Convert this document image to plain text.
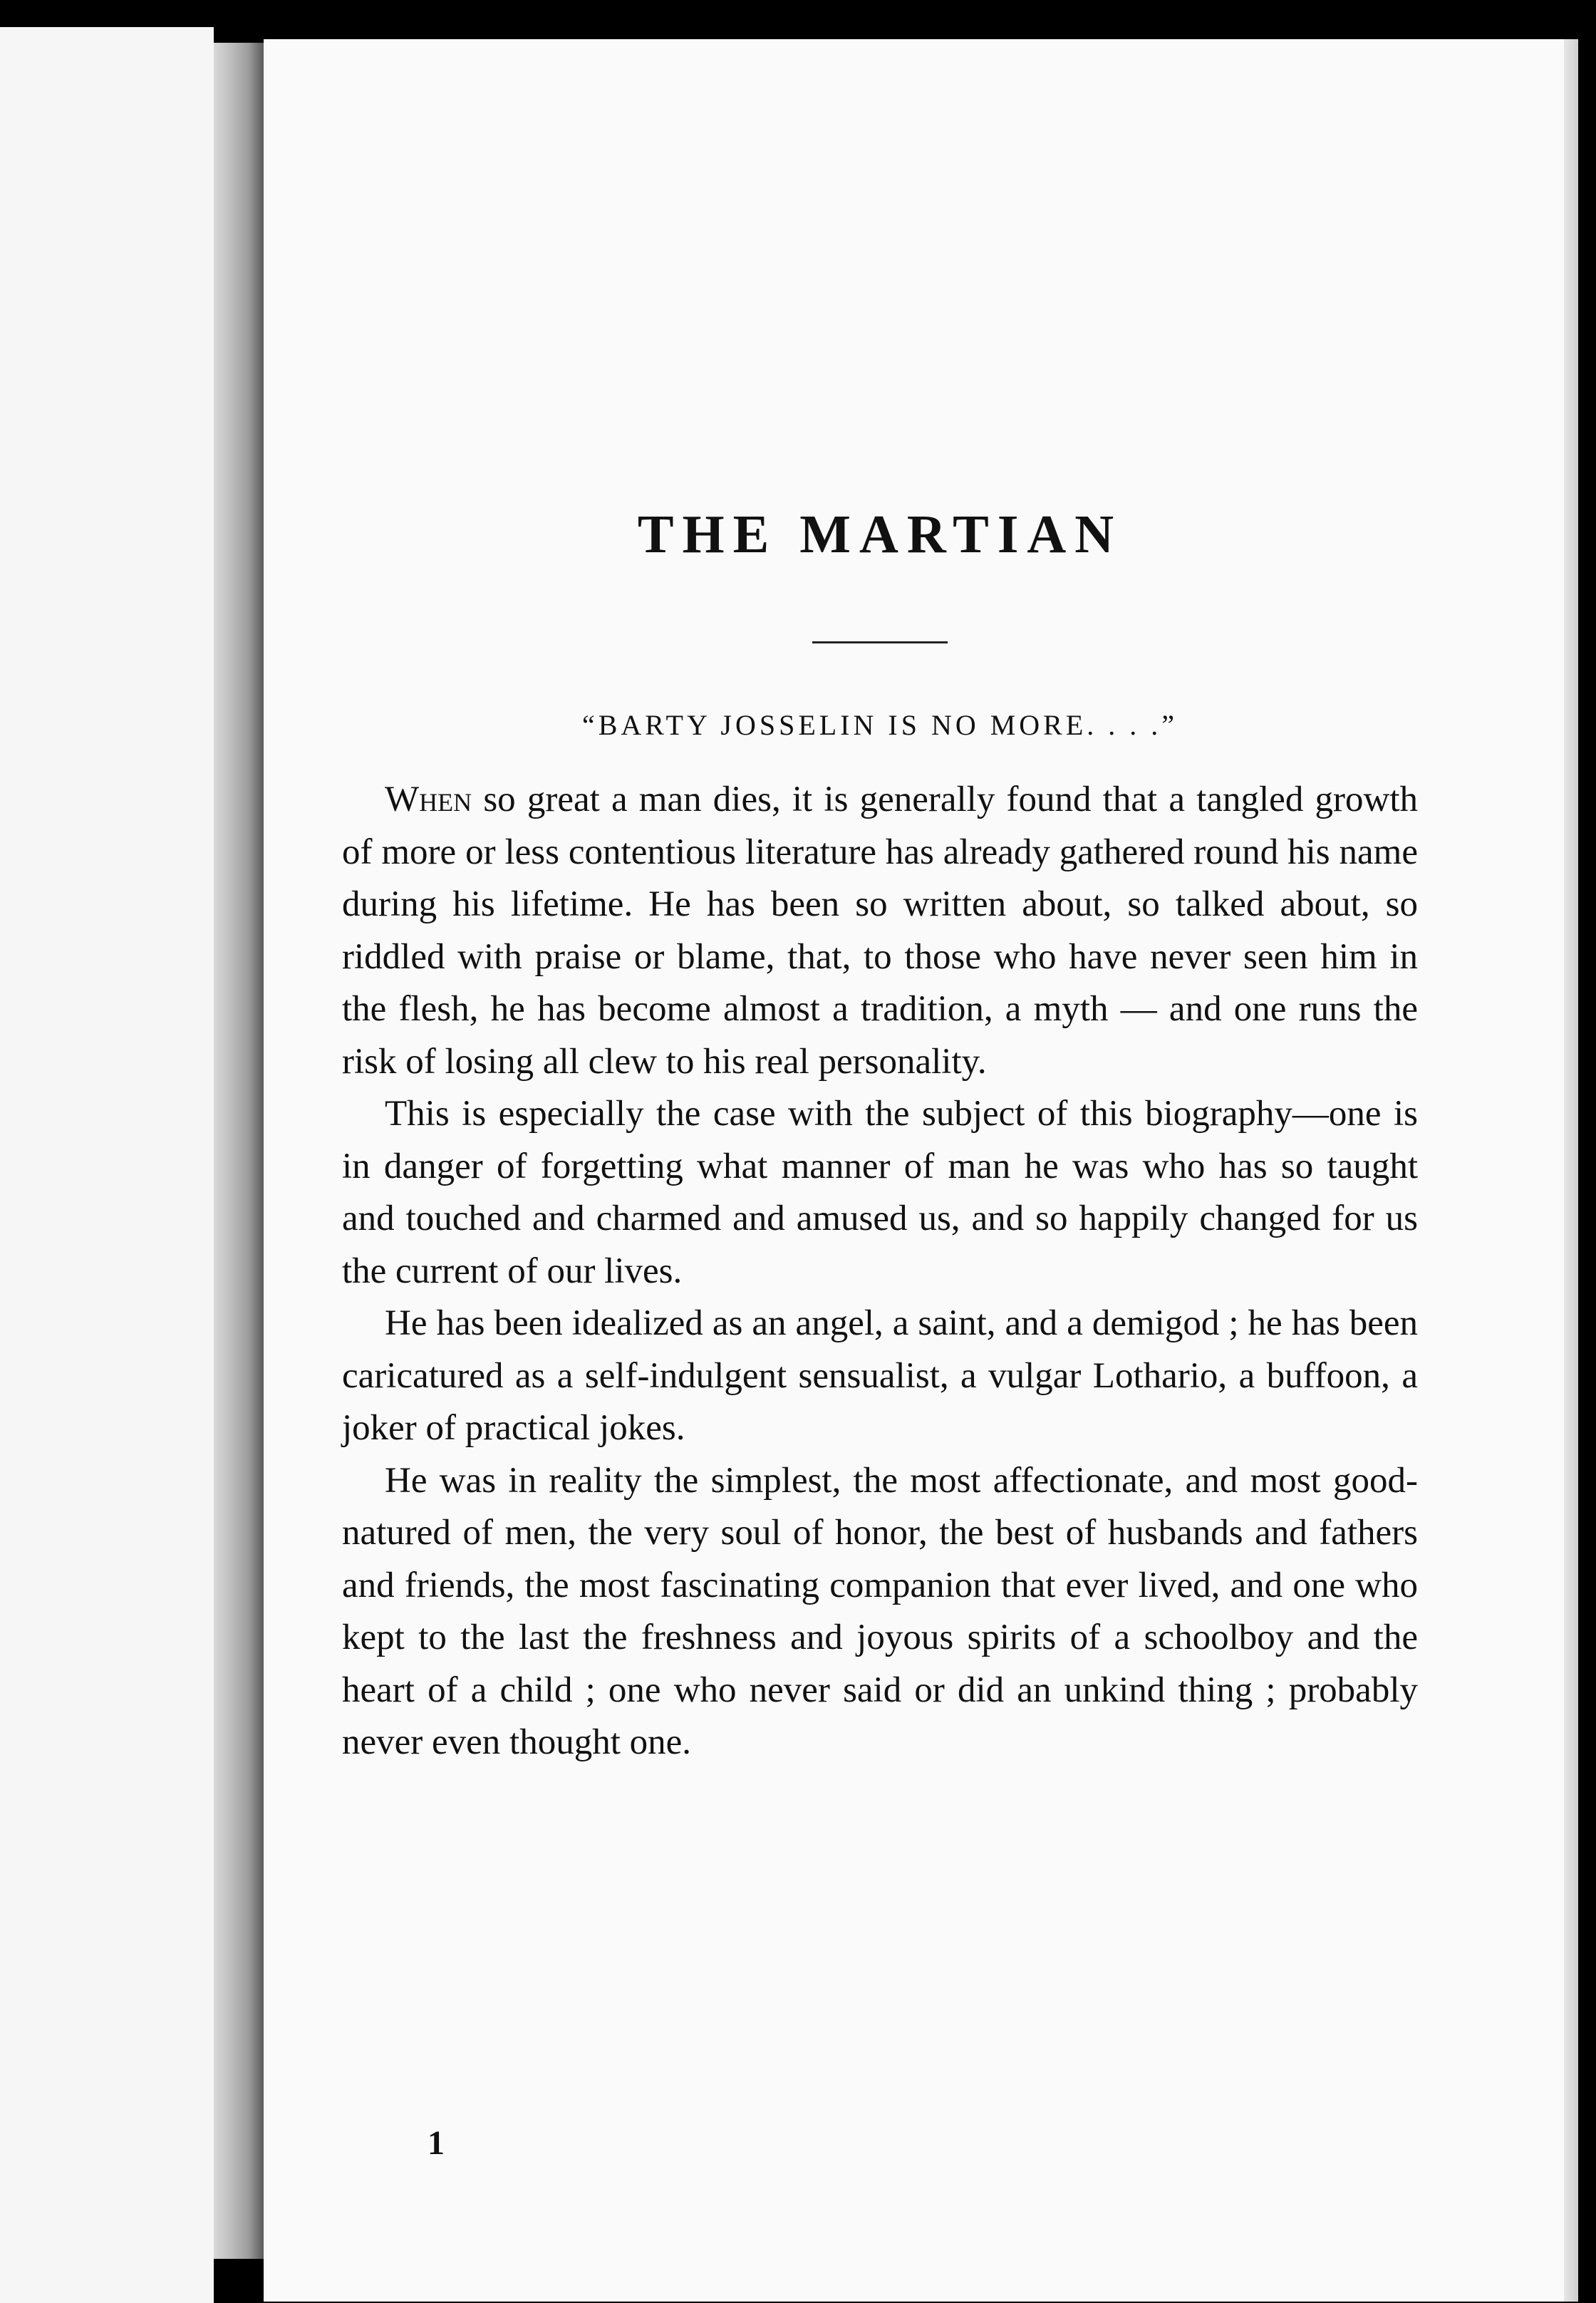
THE MARTIAN
“BARTY JOSSELIN IS NO MORE. . . .”

When so great a man dies, it is generally found that a tangled growth of more or less contentious literature has already gathered round his name during his lifetime. He has been so written about, so talked about, so riddled with praise or blame, that, to those who have never seen him in the flesh, he has become almost a tradition, a myth — and one runs the risk of losing all clew to his real personality.

This is especially the case with the subject of this biography—one is in danger of forgetting what manner of man he was who has so taught and touched and charmed and amused us, and so happily changed for us the current of our lives.

He has been idealized as an angel, a saint, and a demigod ; he has been caricatured as a self-indulgent sensualist, a vulgar Lothario, a buffoon, a joker of practical jokes.

He was in reality the simplest, the most affectionate, and most good-natured of men, the very soul of honor, the best of husbands and fathers and friends, the most fascinating companion that ever lived, and one who kept to the last the freshness and joyous spirits of a schoolboy and the heart of a child ; one who never said or did an unkind thing ; probably never even thought one.

1
